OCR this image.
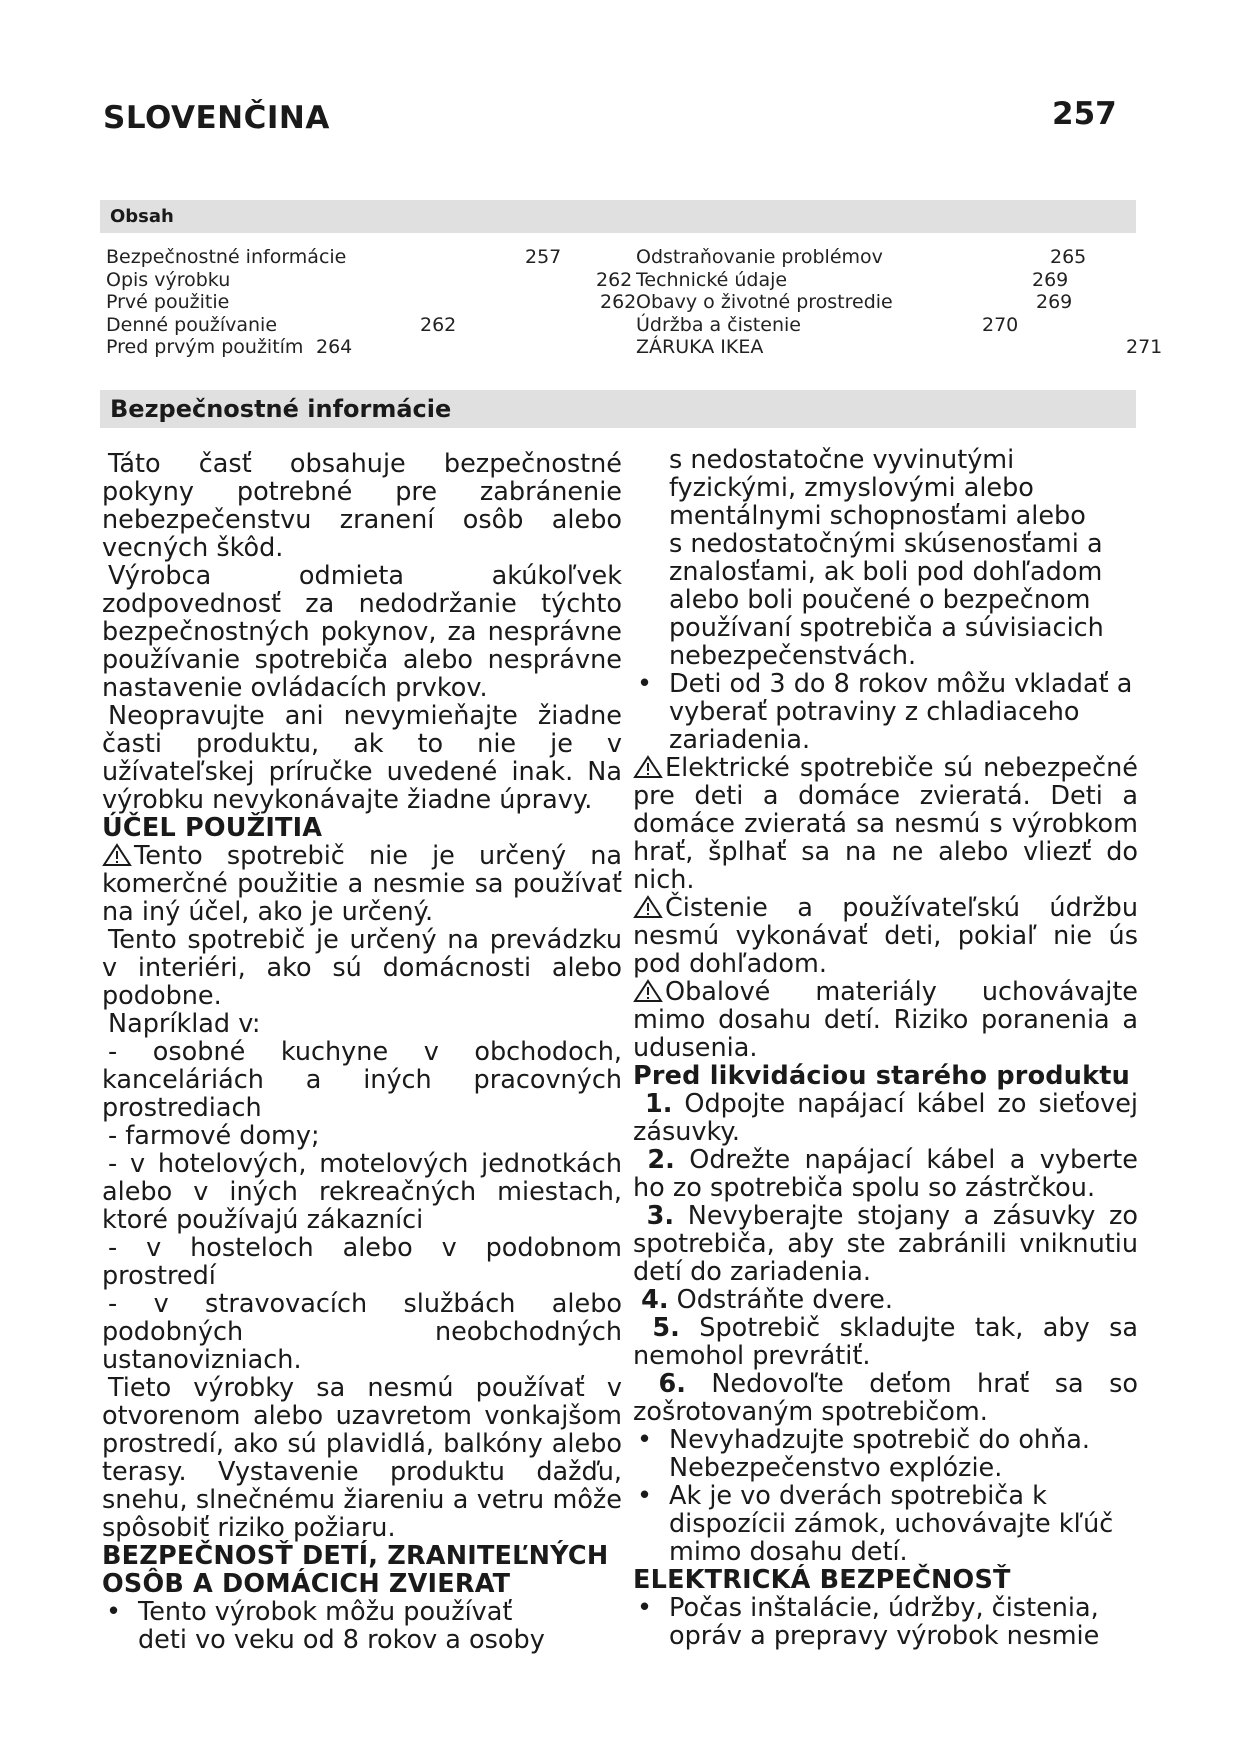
SLOVENČINA	257
Obsah
Bezpečnostné informácie	257
Opis výrobku	262
Prvé použitie	262
Denné používanie	262
Pred prvým použitím 264
Odstraňovanie problémov	265
Technické údaje	269
Obavy o životné prostredie	269
Údržba a čistenie	270
ZÁRUKA IKEA	271
Bezpečnostné informácie

Táto časť obsahuje bezpečnostné pokyny potrebné pre zabránenie nebezpečenstvu zranení osôb alebo vecných škôd.

Výrobca odmieta akúkoľvek zodpovednosť za nedodržanie týchto bezpečnostných pokynov, za nesprávne používanie spotrebiča alebo nesprávne nastavenie ovládacích prvkov.

Neopravujte ani nevymieňajte žiadne časti produktu, ak to nie je v užívateľskej príručke uvedené inak. Na výrobku nevykonávajte žiadne úpravy.

ÚČEL POUŽITIA

Tento spotrebič nie je určený na komerčné použitie a nesmie sa používať na iný účel, ako je určený.

Tento spotrebič je určený na prevádzku v interiéri, ako sú domácnosti alebo podobne.

Napríklad v:

- osobné kuchyne v obchodoch, kanceláriách a iných pracovných prostrediach

- farmové domy;

- v hotelových, motelových jednotkách alebo v iných rekreačných miestach, ktoré používajú zákazníci

- v hosteloch alebo v podobnom prostredí

- v stravovacích službách alebo podobných neobchodných ustanovizniach.

Tieto výrobky sa nesmú používať v otvorenom alebo uzavretom vonkajšom prostredí, ako sú plavidlá, balkóny alebo terasy. Vystavenie produktu dažďu, snehu, slnečnému žiareniu a vetru môže spôsobiť riziko požiaru.

BEZPEČNOSŤ DETÍ, ZRANITEĽNÝCH

OSÔB A DOMÁCICH ZVIERAT

• Tento výrobok môžu používať
deti vo veku od 8 rokov a osoby
s nedostatočne vyvinutými
fyzickými, zmyslovými alebo
mentálnymi schopnosťami alebo
s nedostatočnými skúsenosťami a
znalosťami, ak boli pod dohľadom
alebo boli poučené o bezpečnom
používaní spotrebiča a súvisiacich
nebezpečenstvách.
• Deti od 3 do 8 rokov môžu vkladať a vyberať potraviny z chladiaceho zariadenia.

Elektrické spotrebiče sú nebezpečné pre deti a domáce zvieratá. Deti a domáce zvieratá sa nesmú s výrobkom hrať, šplhať sa na ne alebo vliezť do nich.

Čistenie a používateľskú údržbu nesmú vykonávať deti, pokiaľ nie ús pod dohľadom.

Obalové materiály uchovávajte mimo dosahu detí. Riziko poranenia a udusenia.

Pred likvidáciou starého produktu

1. Odpojte napájací kábel zo sieťovej zásuvky.

2. Odrežte napájací kábel a vyberte ho zo spotrebiča spolu so zástrčkou.

3. Nevyberajte stojany a zásuvky zo spotrebiča, aby ste zabránili vniknutiu detí do zariadenia.

4. Odstráňte dvere.

5. Spotrebič skladujte tak, aby sa nemohol prevrátiť.

6. Nedovoľte deťom hrať sa so zošrotovaným spotrebičom.

• Nevyhadzujte spotrebič do ohňa. Nebezpečenstvo explózie.
• Ak je vo dverách spotrebiča k dispozícii zámok, uchovávajte kľúč mimo dosahu detí.

ELEKTRICKÁ BEZPEČNOSŤ

• Počas inštalácie, údržby, čistenia,
opráv a prepravy výrobok nesmie
